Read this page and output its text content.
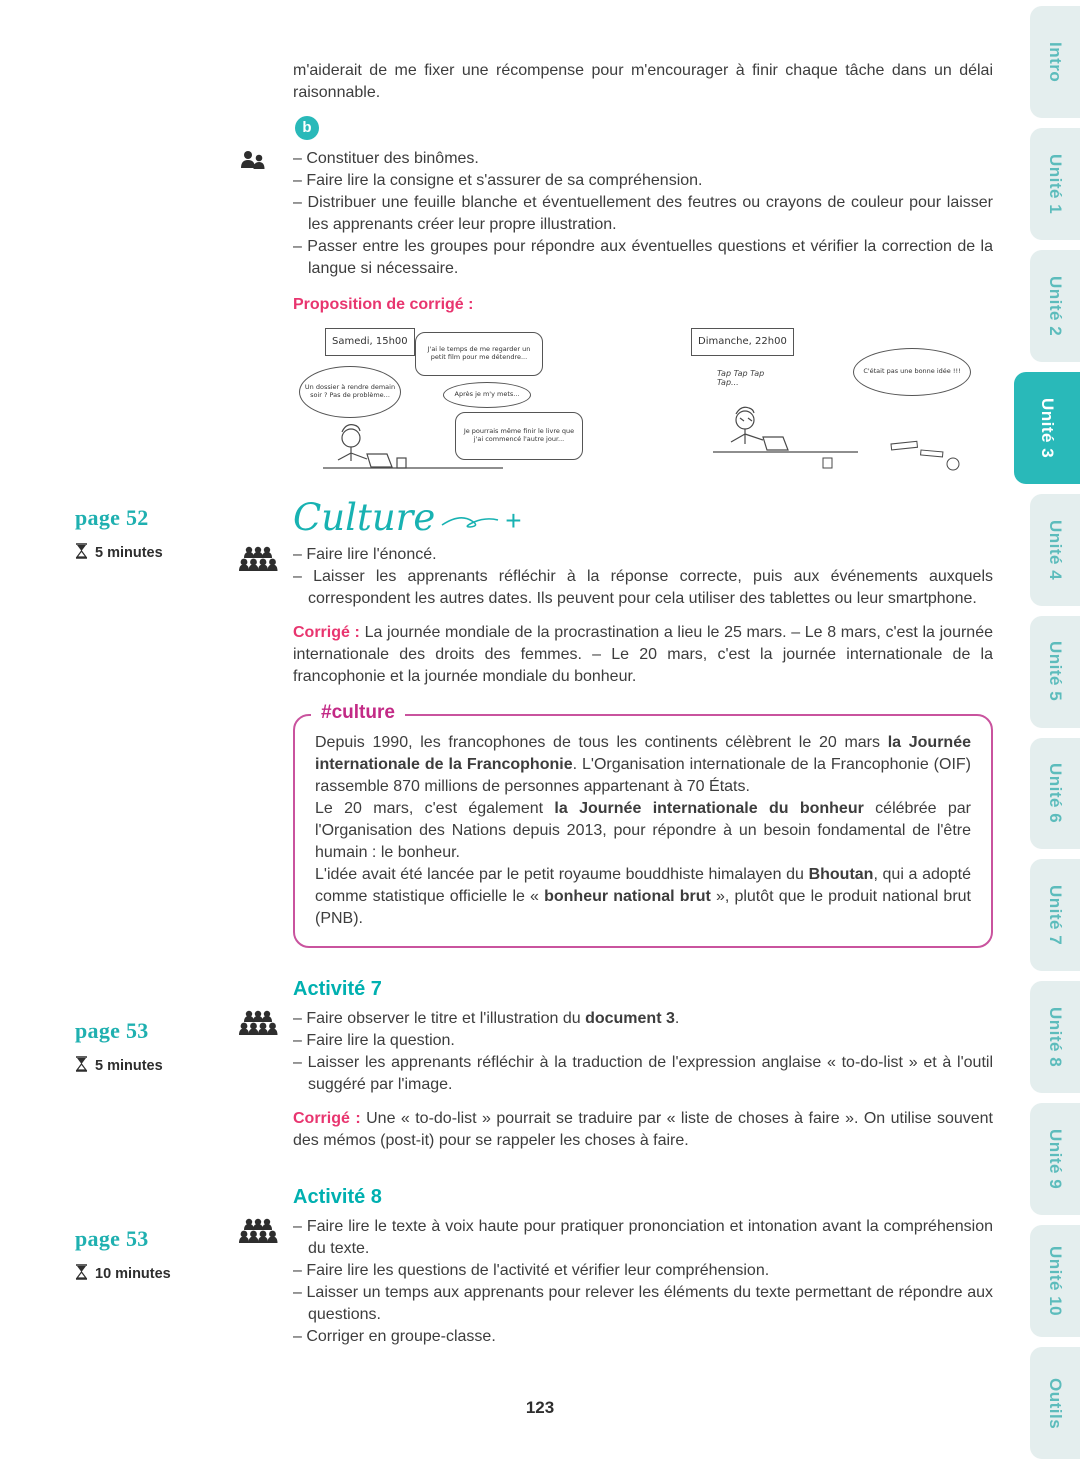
Intro
Unité 1
Unité 2
Unité 3
Unité 4
Unité 5
Unité 6
Unité 7
Unité 8
Unité 9
Unité 10
Outils
page 52
5 minutes
page 53
5 minutes
page 53
10 minutes

m'aiderait de me fixer une récompense pour m'encourager à finir chaque tâche dans un délai raisonnable.

b
– Constituer des binômes.
– Faire lire la consigne et s'assurer de sa compréhension.
– Distribuer une feuille blanche et éventuellement des feutres ou crayons de couleur pour laisser les apprenants créer leur propre illustration.
– Passer entre les groupes pour répondre aux éventuelles questions et vérifier la correction de la langue si nécessaire.

Proposition de corrigé :

Samedi, 15h00
Un dossier à rendre demain soir ? Pas de problème...
J'ai le temps de me regarder un petit film pour me détendre...
Après je m'y mets...
Je pourrais même finir le livre que j'ai commencé l'autre jour...
Dimanche, 22h00
Tap Tap Tap Tap...
C'était pas une bonne idée !!!
Culture	+
– Faire lire l'énoncé.
– Laisser les apprenants réfléchir à la réponse correcte, puis aux événements auxquels correspondent les autres dates. Ils peuvent pour cela utiliser des tablettes ou leur smartphone.

Corrigé : La journée mondiale de la procrastination a lieu le 25 mars. – Le 8 mars, c'est la journée internationale des droits des femmes. – Le 20 mars, c'est la journée internationale de la francophonie et la journée mondiale du bonheur.

#culture

Depuis 1990, les francophones de tous les continents célèbrent le 20 mars la Journée internationale de la Francophonie. L'Organisation internationale de la Francophonie (OIF) rassemble 870 millions de personnes appartenant à 70 États.

Le 20 mars, c'est également la Journée internationale du bonheur célébrée par l'Organisation des Nations depuis 2013, pour répondre à un besoin fondamental de l'être humain : le bonheur.

L'idée avait été lancée par le petit royaume bouddhiste himalayen du Bhoutan, qui a adopté comme statistique officielle le « bonheur national brut », plutôt que le produit national brut (PNB).

Activité 7
– Faire observer le titre et l'illustration du document 3.
– Faire lire la question.
– Laisser les apprenants réfléchir à la traduction de l'expression anglaise « to-do-list » et à l'outil suggéré par l'image.

Corrigé : Une « to-do-list » pourrait se traduire par « liste de choses à faire ». On utilise souvent des mémos (post-it) pour se rappeler les choses à faire.

Activité 8
– Faire lire le texte à voix haute pour pratiquer prononciation et intonation avant la compréhension du texte.
– Faire lire les questions de l'activité et vérifier leur compréhension.
– Laisser un temps aux apprenants pour relever les éléments du texte permettant de répondre aux questions.
– Corriger en groupe-classe.
123
